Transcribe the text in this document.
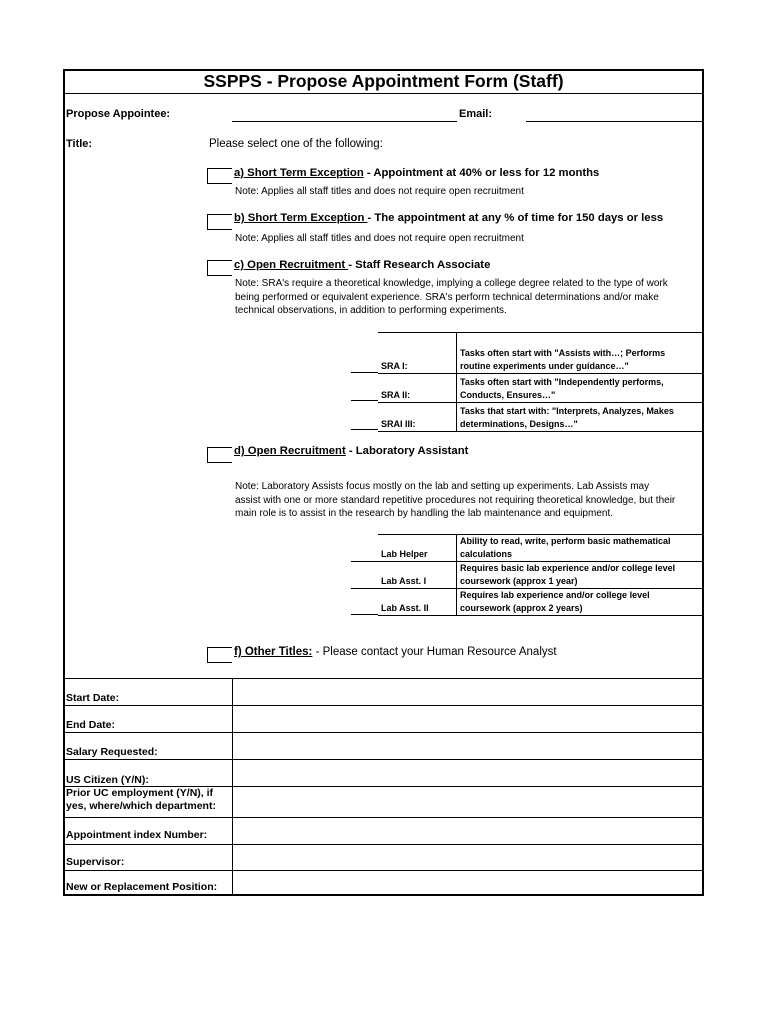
SSPPS - Propose Appointment Form (Staff)
Propose Appointee:	Email:
Title:	Please select one of the following:
a) Short Term Exception - Appointment at 40% or less for 12 months
Note: Applies all staff titles and does not require open recruitment
b) Short Term Exception - The appointment at any % of time for 150 days or less
Note: Applies all staff titles and does not require open recruitment
c) Open Recruitment - Staff Research Associate
Note: SRA's require a theoretical knowledge, implying a college degree related to the type of work
being performed or equivalent experience. SRA's perform technical determinations and/or make
technical observations, in addition to performing experiments.
SRA I:	Tasks often start with "Assists with…; Performs
routine experiments under guidance…"

SRA II:	Tasks often start with "Independently performs,
Conducts, Ensures…"

SRAI III:	Tasks that start with: "Interprets, Analyzes, Makes
determinations, Designs…"
d) Open Recruitment - Laboratory Assistant
Note: Laboratory Assists focus mostly on the lab and setting up experiments. Lab Assists may
assist with one or more standard repetitive procedures not requiring theoretical knowledge, but their
main role is to assist in the research by handling the lab maintenance and equipment.
Lab Helper	Ability to read, write, perform basic mathematical
calculations

Lab Asst. I	Requires basic lab experience and/or college level
coursework (approx 1 year)

Lab Asst. II	Requires lab experience and/or college level
coursework (approx 2 years)
f) Other Titles: - Please contact your Human Resource Analyst
Start Date:
End Date:
Salary Requested:
US Citizen (Y/N):
Prior UC employment (Y/N), if
yes, where/which department:
Appointment index Number:
Supervisor:
New or Replacement Position:
